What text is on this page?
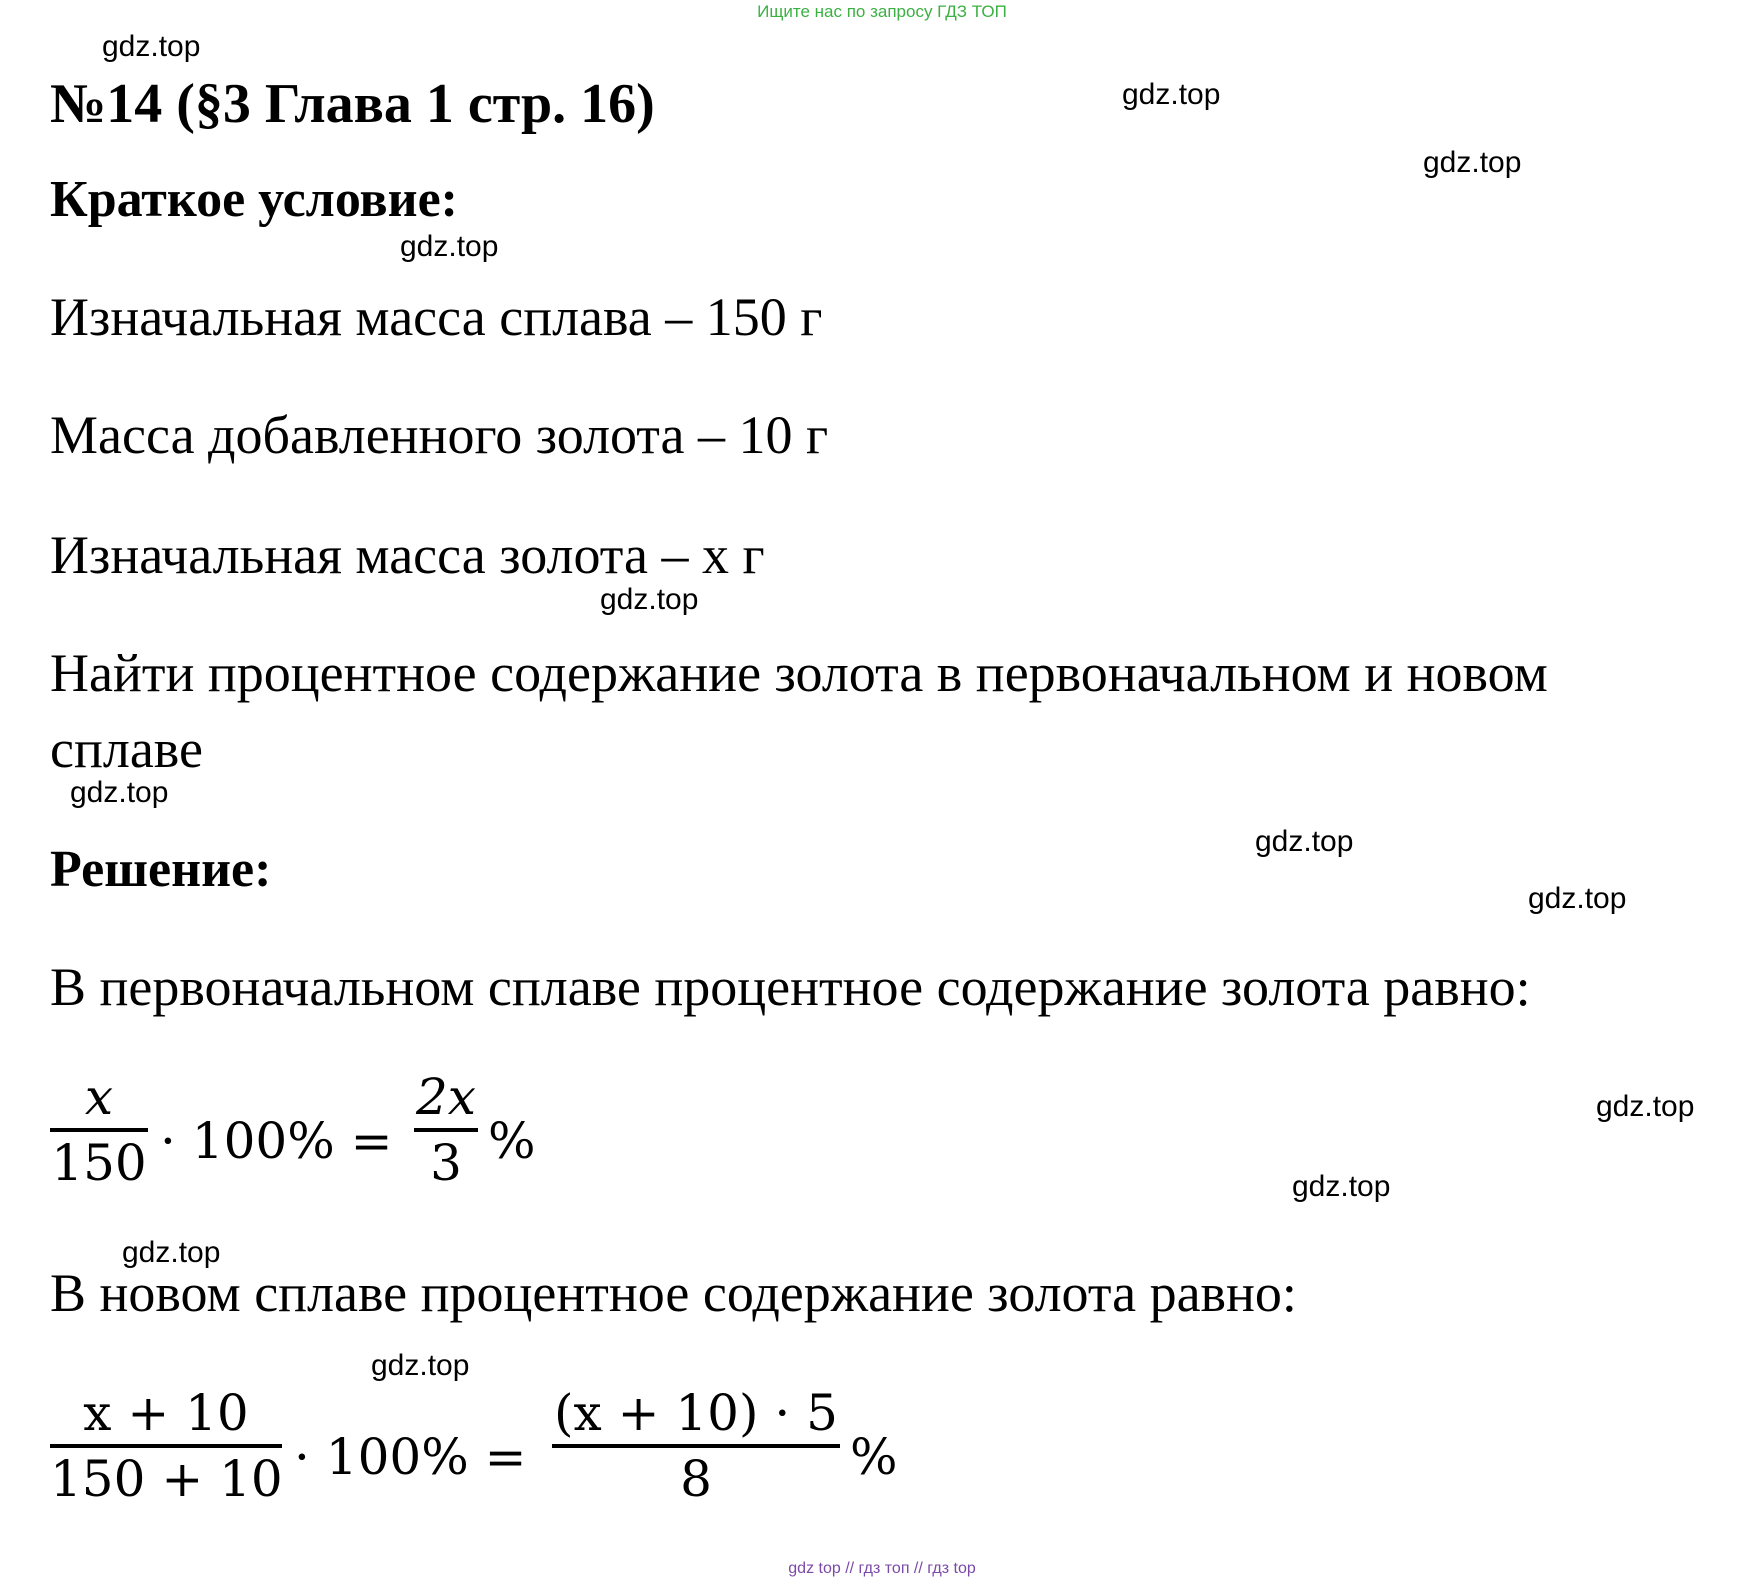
Ищите нас по запросу ГДЗ ТОП
gdz.top
gdz.top
gdz.top
gdz.top
gdz.top
gdz.top
gdz.top
gdz.top
gdz.top
gdz.top
gdz.top
gdz.top
№14 (§3 Глава 1 стр. 16)
Краткое условие:
Изначальная масса сплава – 150 г
Масса добавленного золота – 10 г
Изначальная масса золота – x г
Найти процентное содержание золота в первоначальном и новом
сплаве
Решение:
В первоначальном сплаве процентное содержание золота равно:
x
150 · 100% =
2x
3 %
В новом сплаве процентное содержание золота равно:
x + 10
150 + 10 · 100% =
(x + 10) · 5
8	%
gdz top // гдз топ // гдз top
